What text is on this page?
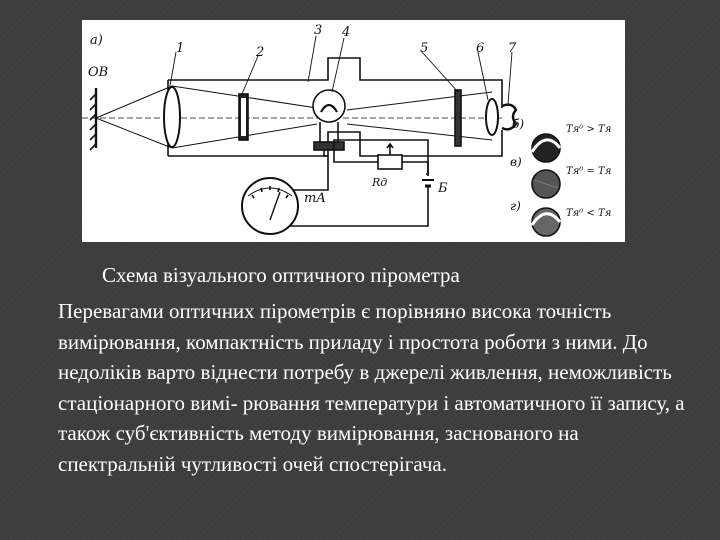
а)
ОВ
1	2
3 4
5	6 7
Rд	Б
mA
б)
в)
г)
Tя⁰ > Tя
Tя⁰ = Tя
Tя⁰ < Tя
Схема візуального оптичного пірометра

Перевагами оптичних пірометрів є порівняно висока точність вимірювання, компактність приладу і простота роботи з ними. До недоліків варто віднести потребу в джерелі живлення, неможливість стаціонарного вимі- рювання температури і автоматичного її запису, а також суб'єктивність методу вимірювання, заснованого на спектральній чутливості очей спостерігача.
